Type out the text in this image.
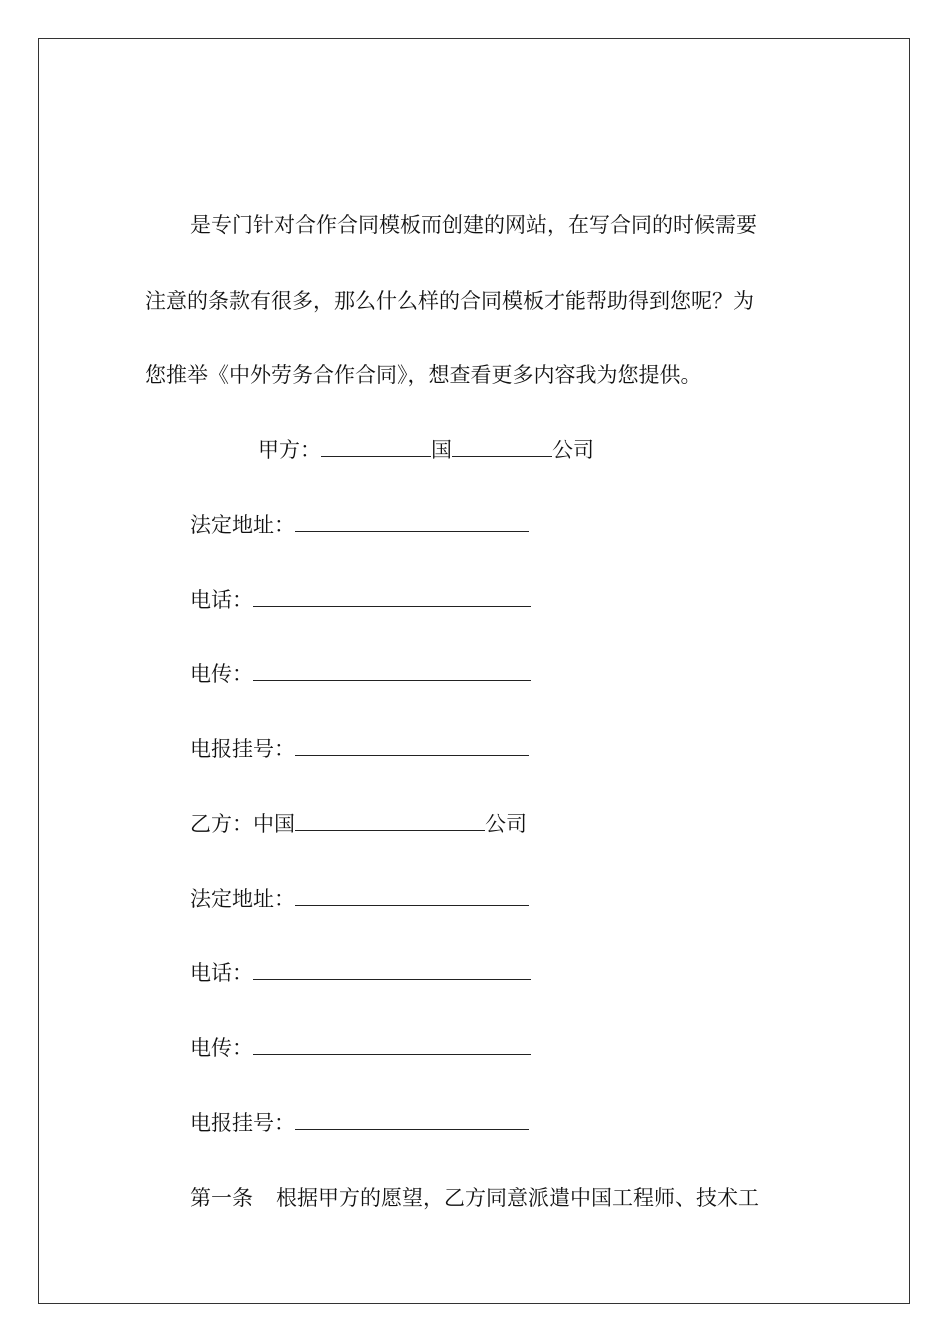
是专门针对合作合同模板而创建的网站，在写合同的时候需要
注意的条款有很多，那么什么样的合同模板才能帮助得到您呢？为
您推举《中外劳务合作合同》，想查看更多内容我为您提供。
甲方：	国	公司
法定地址：
电话：
电传：
电报挂号：
乙方：中国	公司
法定地址：
电话：
电传：
电报挂号：
第一条 根据甲方的愿望，乙方同意派遣中国工程师、技术工
